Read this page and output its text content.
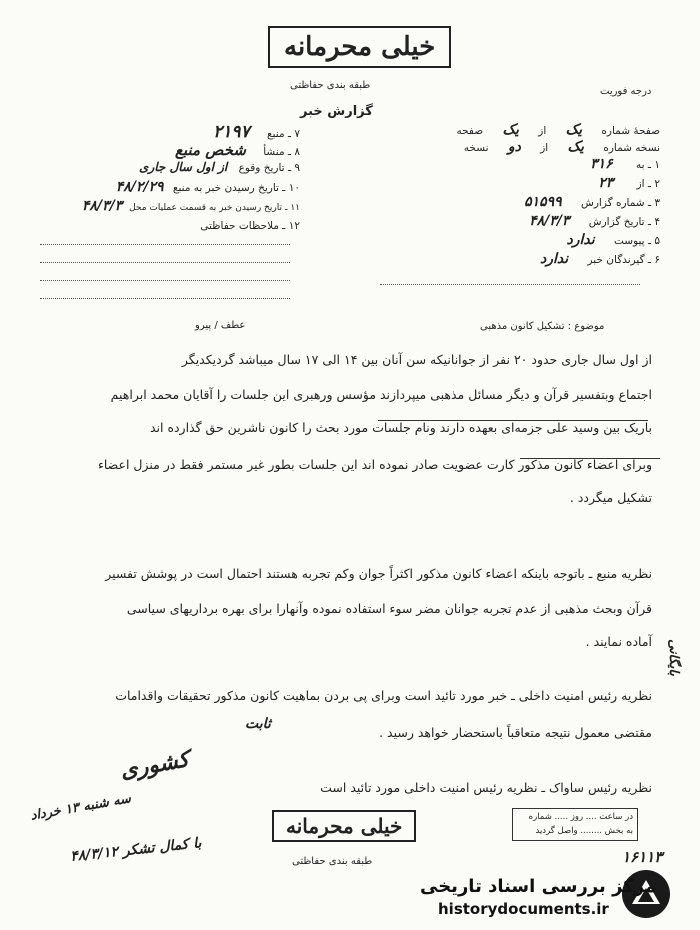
خیلی محرمانه
طبقه بندی حفاظتی
درجه فوریت
گزارش خبر
صفحهٔ شماره یک از یک صفحه
نسخه شماره یک از دو نسخه
۱ ـ به ۳۱۶
۲ ـ از ۲۳
۳ ـ شماره گزارش ۵۱۵۹۹
۴ ـ تاریخ گزارش ۴۸/۳/۳
۵ ـ پیوست ندارد
۶ ـ گیرندگان خبر ندارد
۷ ـ منبع ۲۱۹۷
۸ ـ منشأ شخص منبع
۹ ـ تاریخ وقوع از اول سال جاری
۱۰ ـ تاریخ رسیدن خبر به منبع ۴۸/۲/۲۹
۱۱ ـ تاریخ رسیدن خبر به قسمت عملیات محل ۴۸/۳/۳
۱۲ ـ ملاحظات حفاظتی
عطف / پیرو	موضوع : تشکیل کانون مذهبی
از اول سال جاری حدود ۲۰ نفر از جوانانیکه سن آنان بین ۱۴ الی ۱۷ سال میباشد گردیکدیگر
اجتماع وبتفسیر قرآن و دیگر مسائل مذهبی میپردازند مؤسس ورهبری این جلسات را آقایان محمد ابراهیم
باریک بین وسید علی جزمه‌ای بعهده دارند ونام جلسات مورد بحث را کانون ناشرین حق گذارده اند
وبرای اعضاء کانون مذکور کارت عضویت صادر نموده اند این جلسات بطور غیر مستمر فقط در منزل اعضاء
تشکیل میگردد .
نظریه منبع ـ باتوجه باینکه اعضاء کانون مذکور اکثراً جوان وکم تجربه هستند احتمال است در پوشش تفسیر
قرآن وبحث مذهبی از عدم تجربه جوانان مضر سوء استفاده نموده وآنهارا برای بهره برداریهای سیاسی
آماده نمایند .
نظریه رئیس امنیت داخلی ـ خبر مورد تائید است وبرای پی بردن بماهیت کانون مذکور تحقیقات واقدامات
مقتضی معمول نتیجه متعاقباً باستحضار خواهد رسید .
نظریه رئیس ساواک ـ نظریه رئیس امنیت داخلی مورد تائید است
ثابت
کشوری
سه شنبه ۱۳ خرداد
با کمال تشکر ۴۸/۳/۱۲
بایگانی
۱۶۱۱۳
در ساعت .... روز ..... شماره
به بخش ........ واصل گردید
خیلی محرمانه
طبقه بندی حفاظتی
مرکز بررسی اسناد تاریخی
historydocuments.ir
